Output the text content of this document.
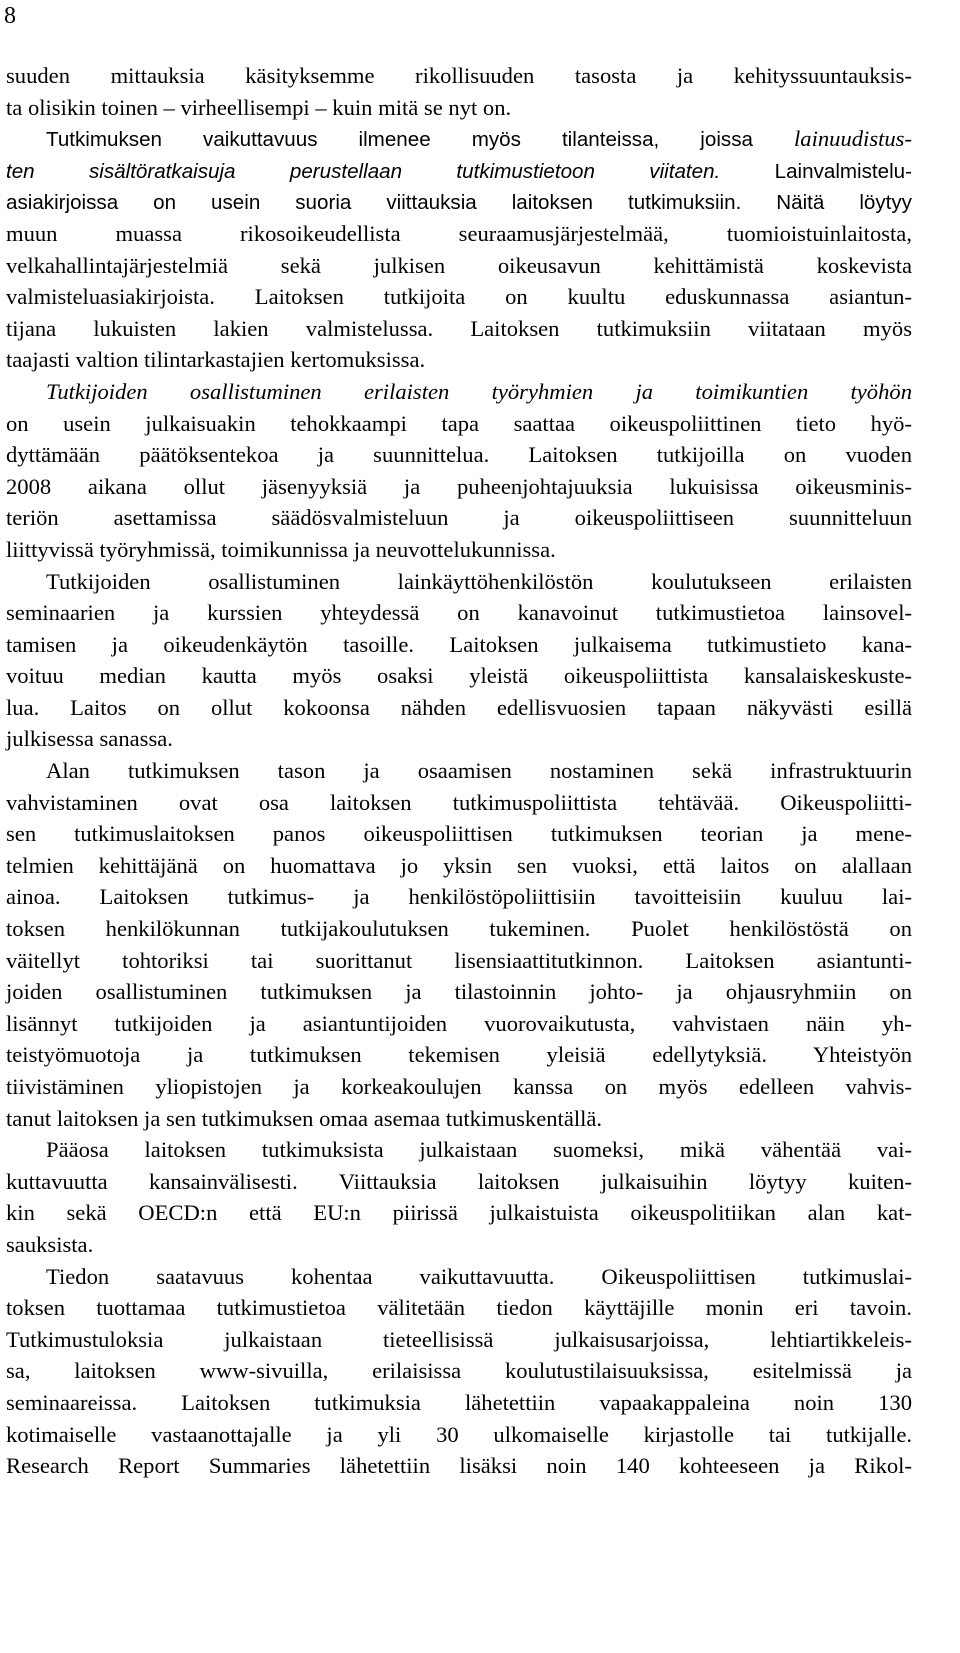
8
suuden mittauksia käsityksemme rikollisuuden tasosta ja kehityssuuntauksis-
ta olisikin toinen – virheellisempi – kuin mitä se nyt on.
Tutkimuksen vaikuttavuus ilmenee myös tilanteissa, joissa lainuudistus-
ten sisältöratkaisuja perustellaan tutkimustietoon viitaten. Lainvalmistelu-
asiakirjoissa on usein suoria viittauksia laitoksen tutkimuksiin. Näitä löytyy
muun muassa rikosoikeudellista seuraamusjärjestelmää, tuomioistuinlaitosta,
velkahallintajärjestelmiä sekä julkisen oikeusavun kehittämistä koskevista
valmisteluasiakirjoista. Laitoksen tutkijoita on kuultu eduskunnassa asiantun-
tijana lukuisten lakien valmistelussa. Laitoksen tutkimuksiin viitataan myös
taajasti valtion tilintarkastajien kertomuksissa.
Tutkijoiden osallistuminen erilaisten työryhmien ja toimikuntien työhön
on usein julkaisuakin tehokkaampi tapa saattaa oikeuspoliittinen tieto hyö-
dyttämään päätöksentekoa ja suunnittelua. Laitoksen tutkijoilla on vuoden
2008 aikana ollut jäsenyyksiä ja puheenjohtajuuksia lukuisissa oikeusminis-
teriön asettamissa säädösvalmisteluun ja oikeuspoliittiseen suunnitteluun
liittyvissä työryhmissä, toimikunnissa ja neuvottelukunnissa.
Tutkijoiden osallistuminen lainkäyttöhenkilöstön koulutukseen erilaisten
seminaarien ja kurssien yhteydessä on kanavoinut tutkimustietoa lainsovel-
tamisen ja oikeudenkäytön tasoille. Laitoksen julkaisema tutkimustieto kana-
voituu median kautta myös osaksi yleistä oikeuspoliittista kansalaiskeskuste-
lua. Laitos on ollut kokoonsa nähden edellisvuosien tapaan näkyvästi esillä
julkisessa sanassa.
Alan tutkimuksen tason ja osaamisen nostaminen sekä infrastruktuurin
vahvistaminen ovat osa laitoksen tutkimuspoliittista tehtävää. Oikeuspoliitti-
sen tutkimuslaitoksen panos oikeuspoliittisen tutkimuksen teorian ja mene-
telmien kehittäjänä on huomattava jo yksin sen vuoksi, että laitos on alallaan
ainoa. Laitoksen tutkimus- ja henkilöstöpoliittisiin tavoitteisiin kuuluu lai-
toksen henkilökunnan tutkijakoulutuksen tukeminen. Puolet henkilöstöstä on
väitellyt tohtoriksi tai suorittanut lisensiaattitutkinnon. Laitoksen asiantunti-
joiden osallistuminen tutkimuksen ja tilastoinnin johto- ja ohjausryhmiin on
lisännyt tutkijoiden ja asiantuntijoiden vuorovaikutusta, vahvistaen näin yh-
teistyömuotoja ja tutkimuksen tekemisen yleisiä edellytyksiä. Yhteistyön
tiivistäminen yliopistojen ja korkeakoulujen kanssa on myös edelleen vahvis-
tanut laitoksen ja sen tutkimuksen omaa asemaa tutkimuskentällä.
Pääosa laitoksen tutkimuksista julkaistaan suomeksi, mikä vähentää vai-
kuttavuutta kansainvälisesti. Viittauksia laitoksen julkaisuihin löytyy kuiten-
kin sekä OECD:n että EU:n piirissä julkaistuista oikeuspolitiikan alan kat-
sauksista.
Tiedon saatavuus kohentaa vaikuttavuutta. Oikeuspoliittisen tutkimuslai-
toksen tuottamaa tutkimustietoa välitetään tiedon käyttäjille monin eri tavoin.
Tutkimustuloksia julkaistaan tieteellisissä julkaisusarjoissa, lehtiartikkeleis-
sa, laitoksen www-sivuilla, erilaisissa koulutustilaisuuksissa, esitelmissä ja
seminaareissa. Laitoksen tutkimuksia lähetettiin vapaakappaleina noin 130
kotimaiselle vastaanottajalle ja yli 30 ulkomaiselle kirjastolle tai tutkijalle.
Research Report Summaries lähetettiin lisäksi noin 140 kohteeseen ja Rikol-
